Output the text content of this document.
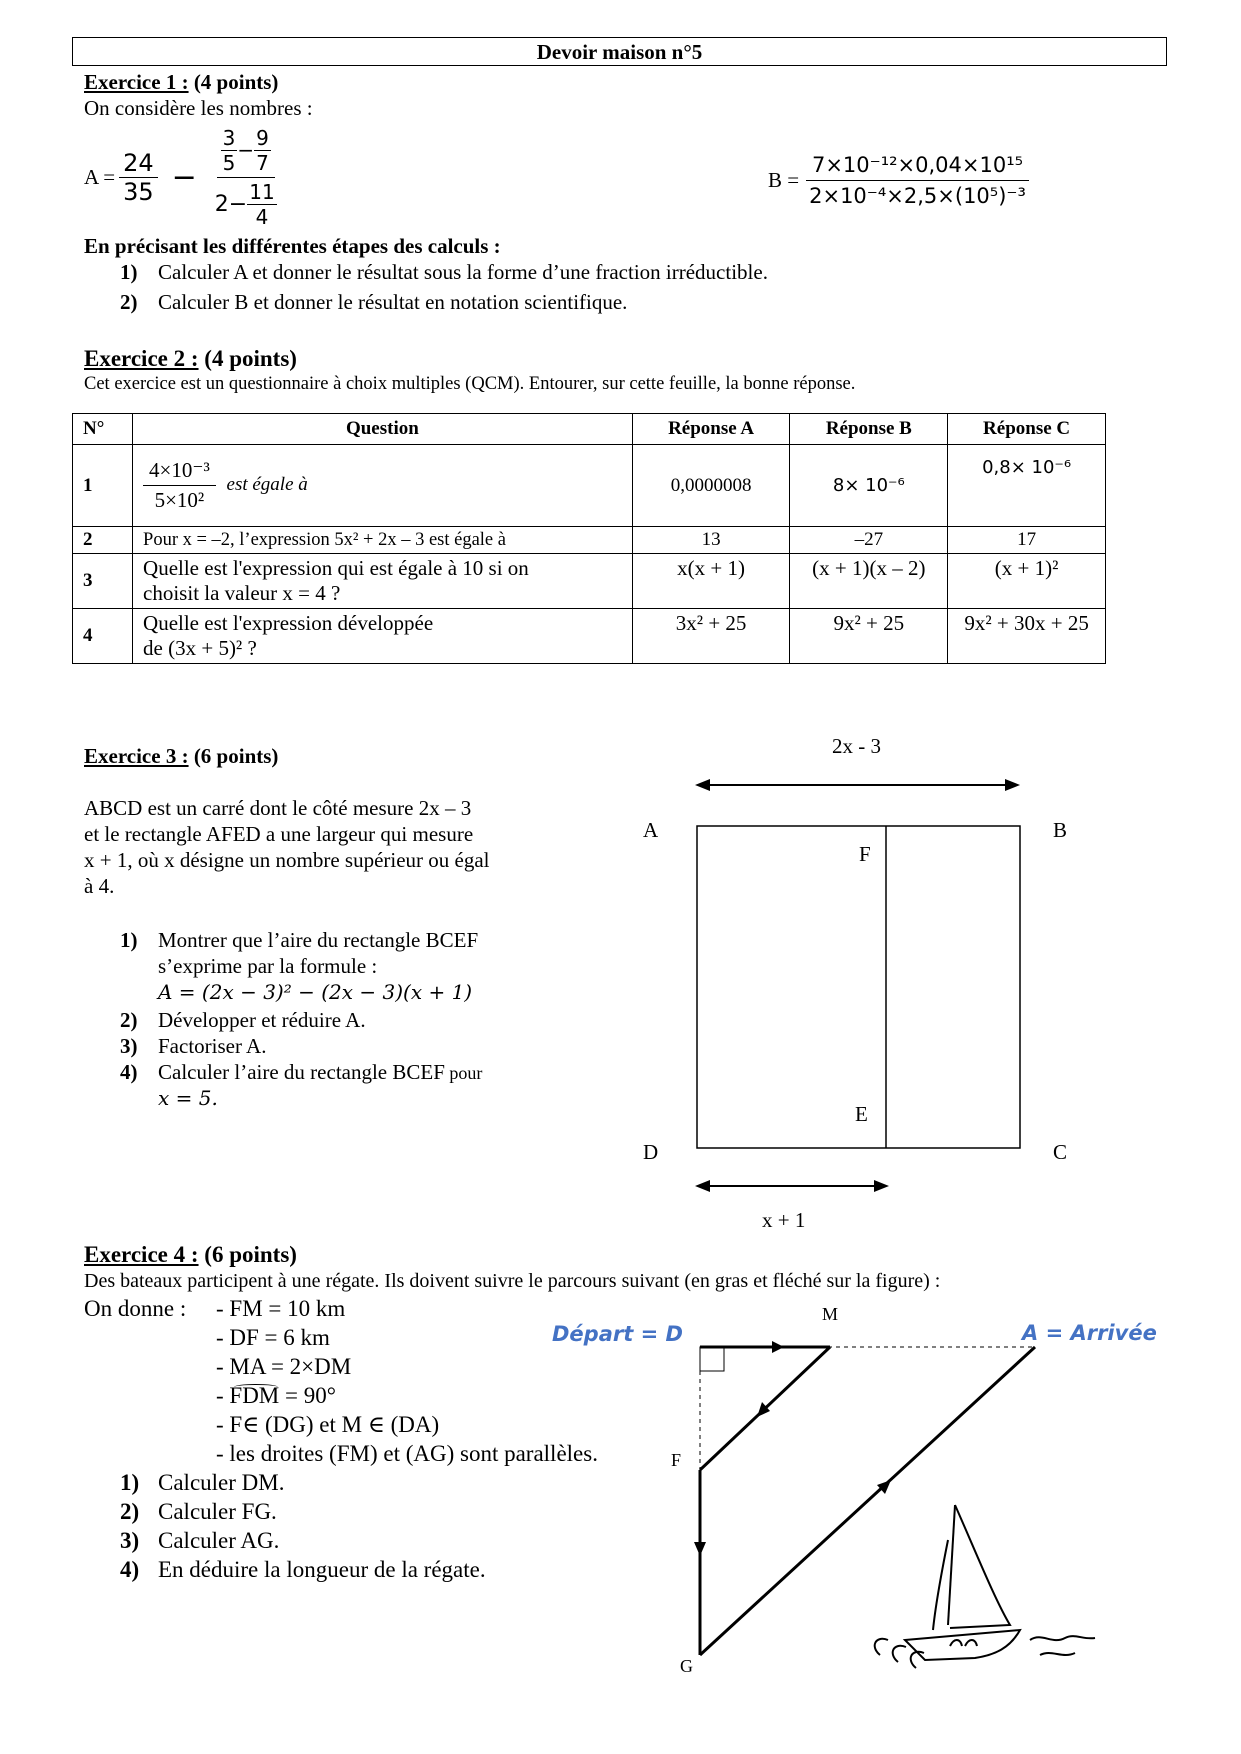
Devoir maison n°5
Exercice 1 : (4 points)
On considère les nombres :
$A = \frac{24}{35} - \frac{\frac{3}{5} - \frac{9}{7}}{2- \frac{11}{4}}$	$B = \frac{\text{7×10⁻¹²×0,04×10¹⁵}}{\text{2×10⁻⁴×2,5×(10⁵)⁻³}}$
En précisant les différentes étapes des calculs :
1) Calculer A et donner le résultat sous la forme d’une fraction irréductible.
2) Calculer B et donner le résultat en notation scientifique.
Exercice 2 : (4 points)
Cet exercice est un questionnaire à choix multiples (QCM). Entourer, sur cette feuille, la bonne réponse.
N°	Question	Réponse A	Réponse B	Réponse C
1	$\frac{\text{4×10⁻³}}{\text{5×10²}}$ est égale à	0,0000008	8× 10⁻⁶	0,8× 10⁻⁶
2	Pour x = –2, l’expression 5x² + 2x – 3 est égale à	13	–27	17
3	Quelle est l'expression qui est égale à 10 si on
choisit la valeur x = 4 ?	x(x + 1)	(x + 1)(x – 2)	(x + 1)²
4	Quelle est l'expression développée
de (3x + 5)² ?	3x² + 25	9x² + 25	9x² + 30x + 25
Exercice 3 : (6 points)
ABCD est un carré dont le côté mesure 2x – 3
et le rectangle AFED a une largeur qui mesure
x + 1, où x désigne un nombre supérieur ou égal
à 4.
1) Montrer que l’aire du rectangle BCEF
s’exprime par la formule :
A = (2x − 3)² − (2x − 3)(x + 1)
2) Développer et réduire A.
3) Factoriser A.
4) Calculer l’aire du rectangle BCEF pour
x = 5.
2x - 3
x + 1
A	B
C
D
E
F
Exercice 4 : (6 points)
Des bateaux participent à une régate. Ils doivent suivre le parcours suivant (en gras et fléché sur la figure) :
On donne : - FM = 10 km
- DF = 6 km
- MA = 2×DM
- FDM = 90°
- F∈ (DG) et M ∈ (DA)
- les droites (FM) et (AG) sont parallèles.
1) Calculer DM.
2) Calculer FG.
3) Calculer AG.
4) En déduire la longueur de la régate.
Départ = D	A = Arrivée
M
F
G
